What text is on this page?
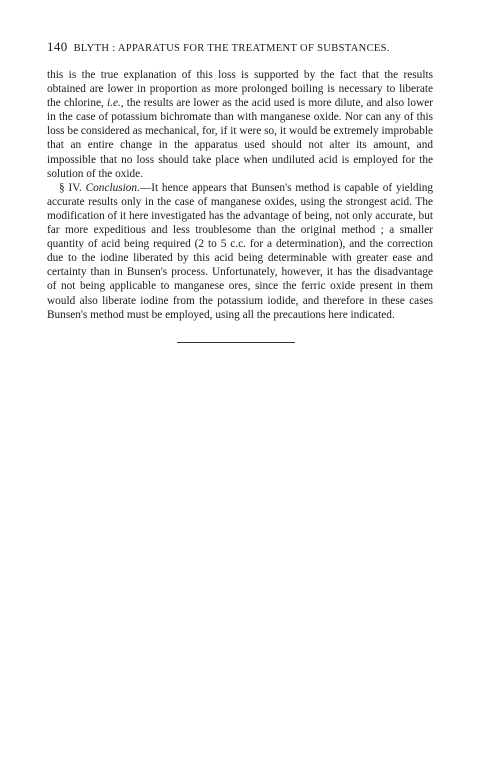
140 BLYTH : APPARATUS FOR THE TREATMENT OF SUBSTANCES.

this is the true explanation of this loss is supported by the fact that the results obtained are lower in proportion as more prolonged boiling is necessary to liberate the chlorine, i.e., the results are lower as the acid used is more dilute, and also lower in the case of potassium bichromate than with manganese oxide. Nor can any of this loss be considered as mechanical, for, if it were so, it would be extremely improbable that an entire change in the apparatus used should not alter its amount, and impossible that no loss should take place when undiluted acid is employed for the solution of the oxide.

§ IV. Conclusion.—It hence appears that Bunsen's method is capable of yielding accurate results only in the case of manganese oxides, using the strongest acid. The modification of it here investigated has the advantage of being, not only accurate, but far more expeditious and less troublesome than the original method ; a smaller quantity of acid being required (2 to 5 c.c. for a determination), and the correction due to the iodine liberated by this acid being determinable with greater ease and certainty than in Bunsen's process. Unfortunately, however, it has the disadvantage of not being applicable to manganese ores, since the ferric oxide present in them would also liberate iodine from the potassium iodide, and therefore in these cases Bunsen's method must be employed, using all the precautions here indicated.
